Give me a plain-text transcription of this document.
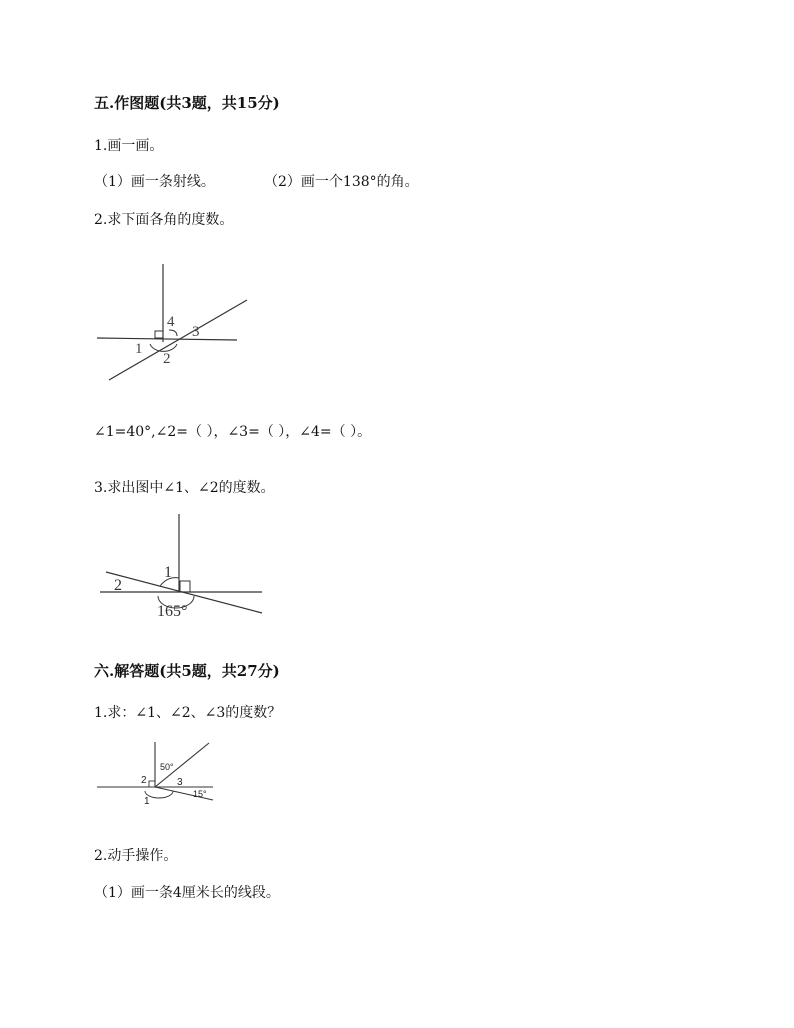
五.作图题(共3题，共15分)
1.画一画。
（1）画一条射线。	（2）画一个138°的角。
2.求下面各角的度数。
4
3
1
2
∠1=40°,∠2=（ ），∠3=（ ），∠4=（ ）。
3.求出图中∠1、∠2的度数。
1
2
165°
六.解答题(共5题，共27分)
1.求：∠1、∠2、∠3的度数？
50°
2	3
15°
1
2.动手操作。
（1）画一条4厘米长的线段。
